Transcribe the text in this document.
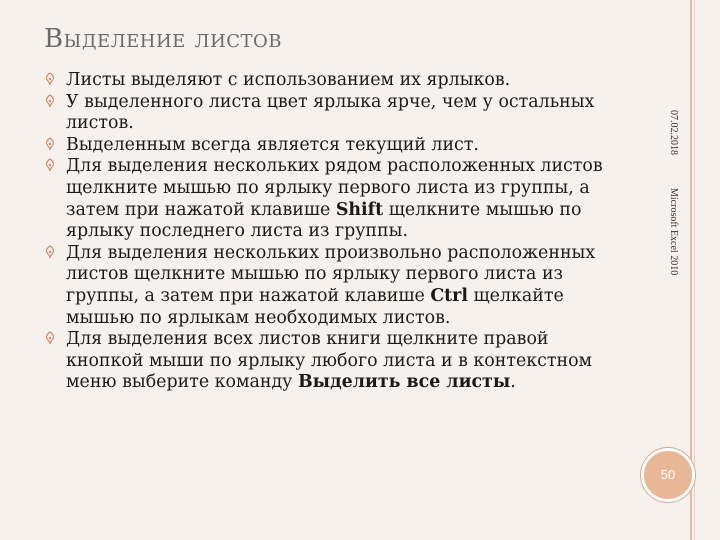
Выделение листов
Листы выделяют с использованием их ярлыков.
У выделенного листа цвет ярлыка ярче, чем у остальных листов.
Выделенным всегда является текущий лист.
Для выделения нескольких рядом расположенных листов щелкните мышью по ярлыку первого листа из группы, а затем при нажатой клавише Shift щелкните мышью по ярлыку последнего листа из группы.
Для выделения нескольких произвольно расположенных листов щелкните мышью по ярлыку первого листа из группы, а затем при нажатой клавише Ctrl щелкайте мышью по ярлыкам необходимых листов.
Для выделения всех листов книги щелкните правой кнопкой мыши по ярлыку любого листа и в контекстном меню выберите команду Выделить все листы.
07.02.2018
Microsoft Excel 2010
50
